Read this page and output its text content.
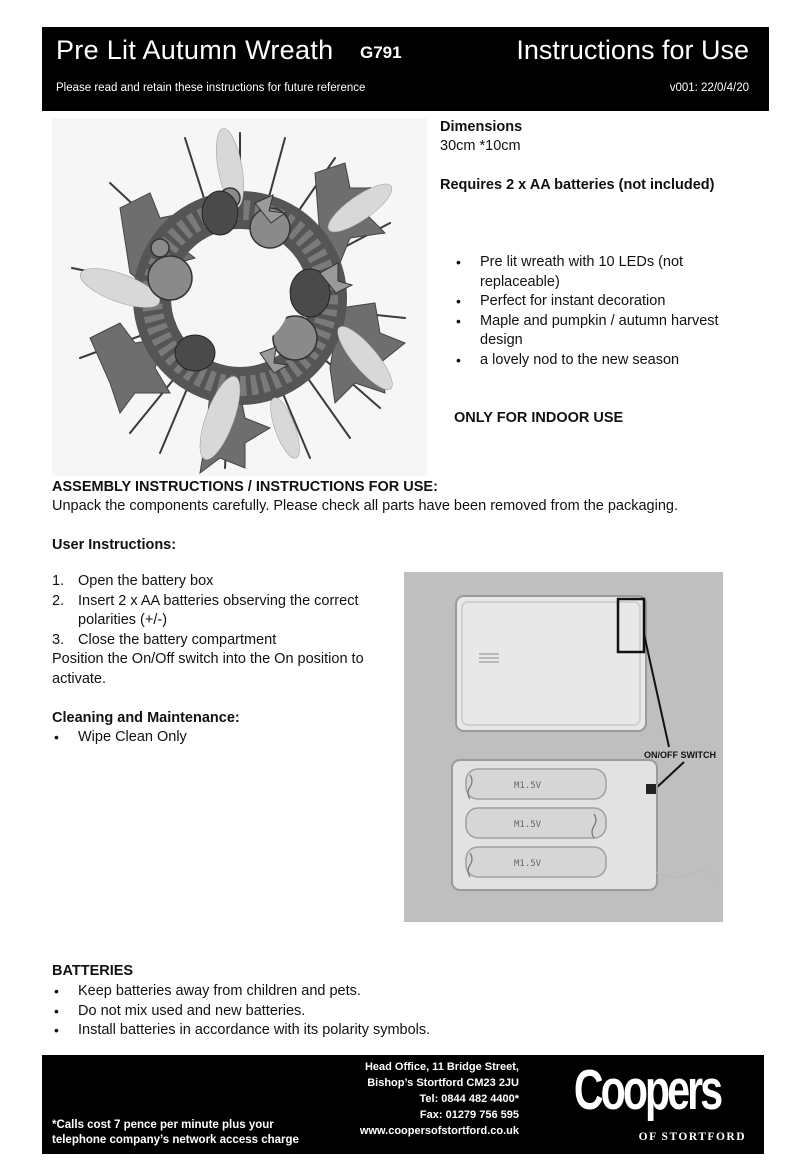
Pre Lit Autumn Wreath G791	Instructions for Use
Please read and retain these instructions for future reference	v001: 22/0/4/20
Dimensions
30cm *10cm
Requires 2 x AA batteries (not included)
• Pre lit wreath with 10 LEDs (not replaceable)
• Perfect for instant decoration
• Maple and pumpkin / autumn harvest design
• a lovely nod to the new season
ONLY FOR INDOOR USE
ASSEMBLY INSTRUCTIONS / INSTRUCTIONS FOR USE:
Unpack the components carefully. Please check all parts have been removed from the packaging.
User Instructions:
1. Open the battery box
2. Insert 2 x AA batteries observing the correct polarities (+/-)
3. Close the battery compartment
Position the On/Off switch into the On position to activate.
Cleaning and Maintenance:
• Wipe Clean Only
ON/OFF SWITCH
M1.5V
M1.5V
M1.5V
BATTERIES
• Keep batteries away from children and pets.
• Do not mix used and new batteries.
• Install batteries in accordance with its polarity symbols.
Head Office, 11 Bridge Street,
Bishop’s Stortford CM23 2JU
Tel: 0844 482 4400*
Fax: 01279 756 595
www.coopersofstortford.co.uk
*Calls cost 7 pence per minute plus your
telephone company’s network access charge
Coopers
OF STORTFORD
